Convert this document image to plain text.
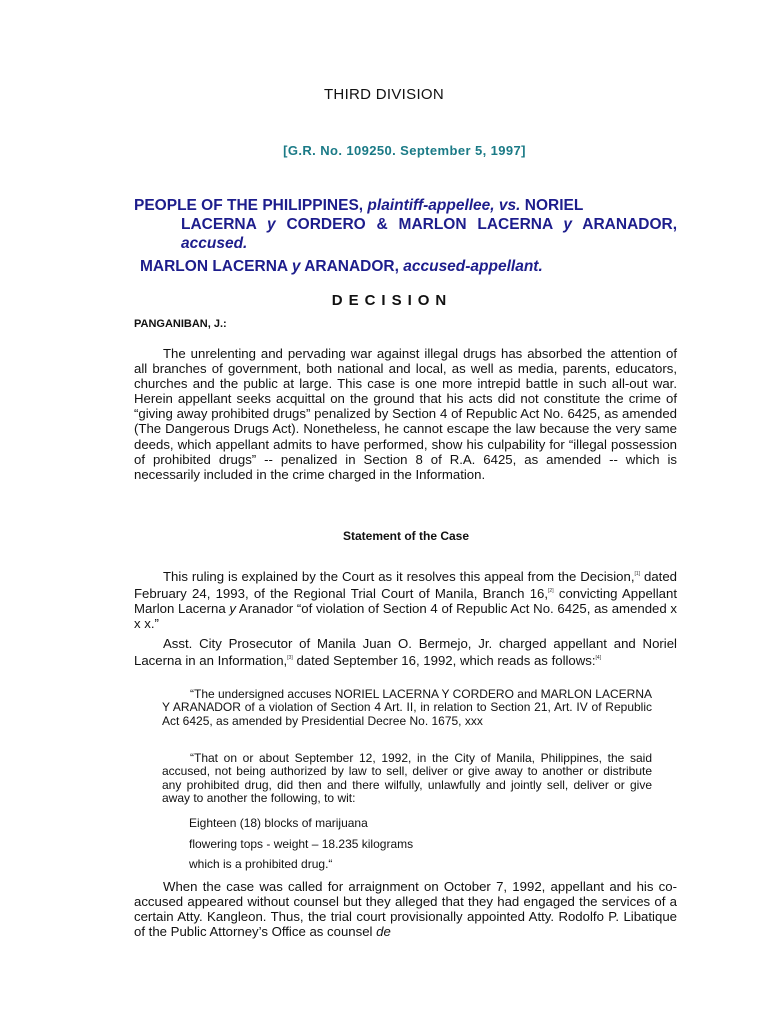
THIRD DIVISION
[G.R. No. 109250. September 5, 1997]
PEOPLE OF THE PHILIPPINES, plaintiff-appellee, vs. NORIEL
LACERNA y CORDERO & MARLON LACERNA y ARANADOR, accused.
MARLON LACERNA y ARANADOR, accused-appellant.
DECISION
PANGANIBAN, J.:
The unrelenting and pervading war against illegal drugs has absorbed the attention of all branches of government, both national and local, as well as media, parents, educators, churches and the public at large. This case is one more intrepid battle in such all-out war. Herein appellant seeks acquittal on the ground that his acts did not constitute the crime of “giving away prohibited drugs” penalized by Section 4 of Republic Act No. 6425, as amended (The Dangerous Drugs Act). Nonetheless, he cannot escape the law because the very same deeds, which appellant admits to have performed, show his culpability for “illegal possession of prohibited drugs” -- penalized in Section 8 of R.A. 6425, as amended -- which is necessarily included in the crime charged in the Information.
Statement of the Case
This ruling is explained by the Court as it resolves this appeal from the Decision,[1] dated February 24, 1993, of the Regional Trial Court of Manila, Branch 16,[2] convicting Appellant Marlon Lacerna y Aranador “of violation of Section 4 of Republic Act No. 6425, as amended x x x.”
Asst. City Prosecutor of Manila Juan O. Bermejo, Jr. charged appellant and Noriel Lacerna in an Information,[3] dated September 16, 1992, which reads as follows:[4]
“The undersigned accuses NORIEL LACERNA Y CORDERO and MARLON LACERNA Y ARANADOR of a violation of Section 4 Art. II, in relation to Section 21, Art. IV of Republic Act 6425, as amended by Presidential Decree No. 1675, xxx
“That on or about September 12, 1992, in the City of Manila, Philippines, the said accused, not being authorized by law to sell, deliver or give away to another or distribute any prohibited drug, did then and there wilfully, unlawfully and jointly sell, deliver or give away to another the following, to wit:
Eighteen (18) blocks of marijuana
flowering tops - weight – 18.235 kilograms
which is a prohibited drug.“
When the case was called for arraignment on October 7, 1992, appellant and his co-accused appeared without counsel but they alleged that they had engaged the services of a certain Atty. Kangleon. Thus, the trial court provisionally appointed Atty. Rodolfo P. Libatique of the Public Attorney’s Office as counsel de
